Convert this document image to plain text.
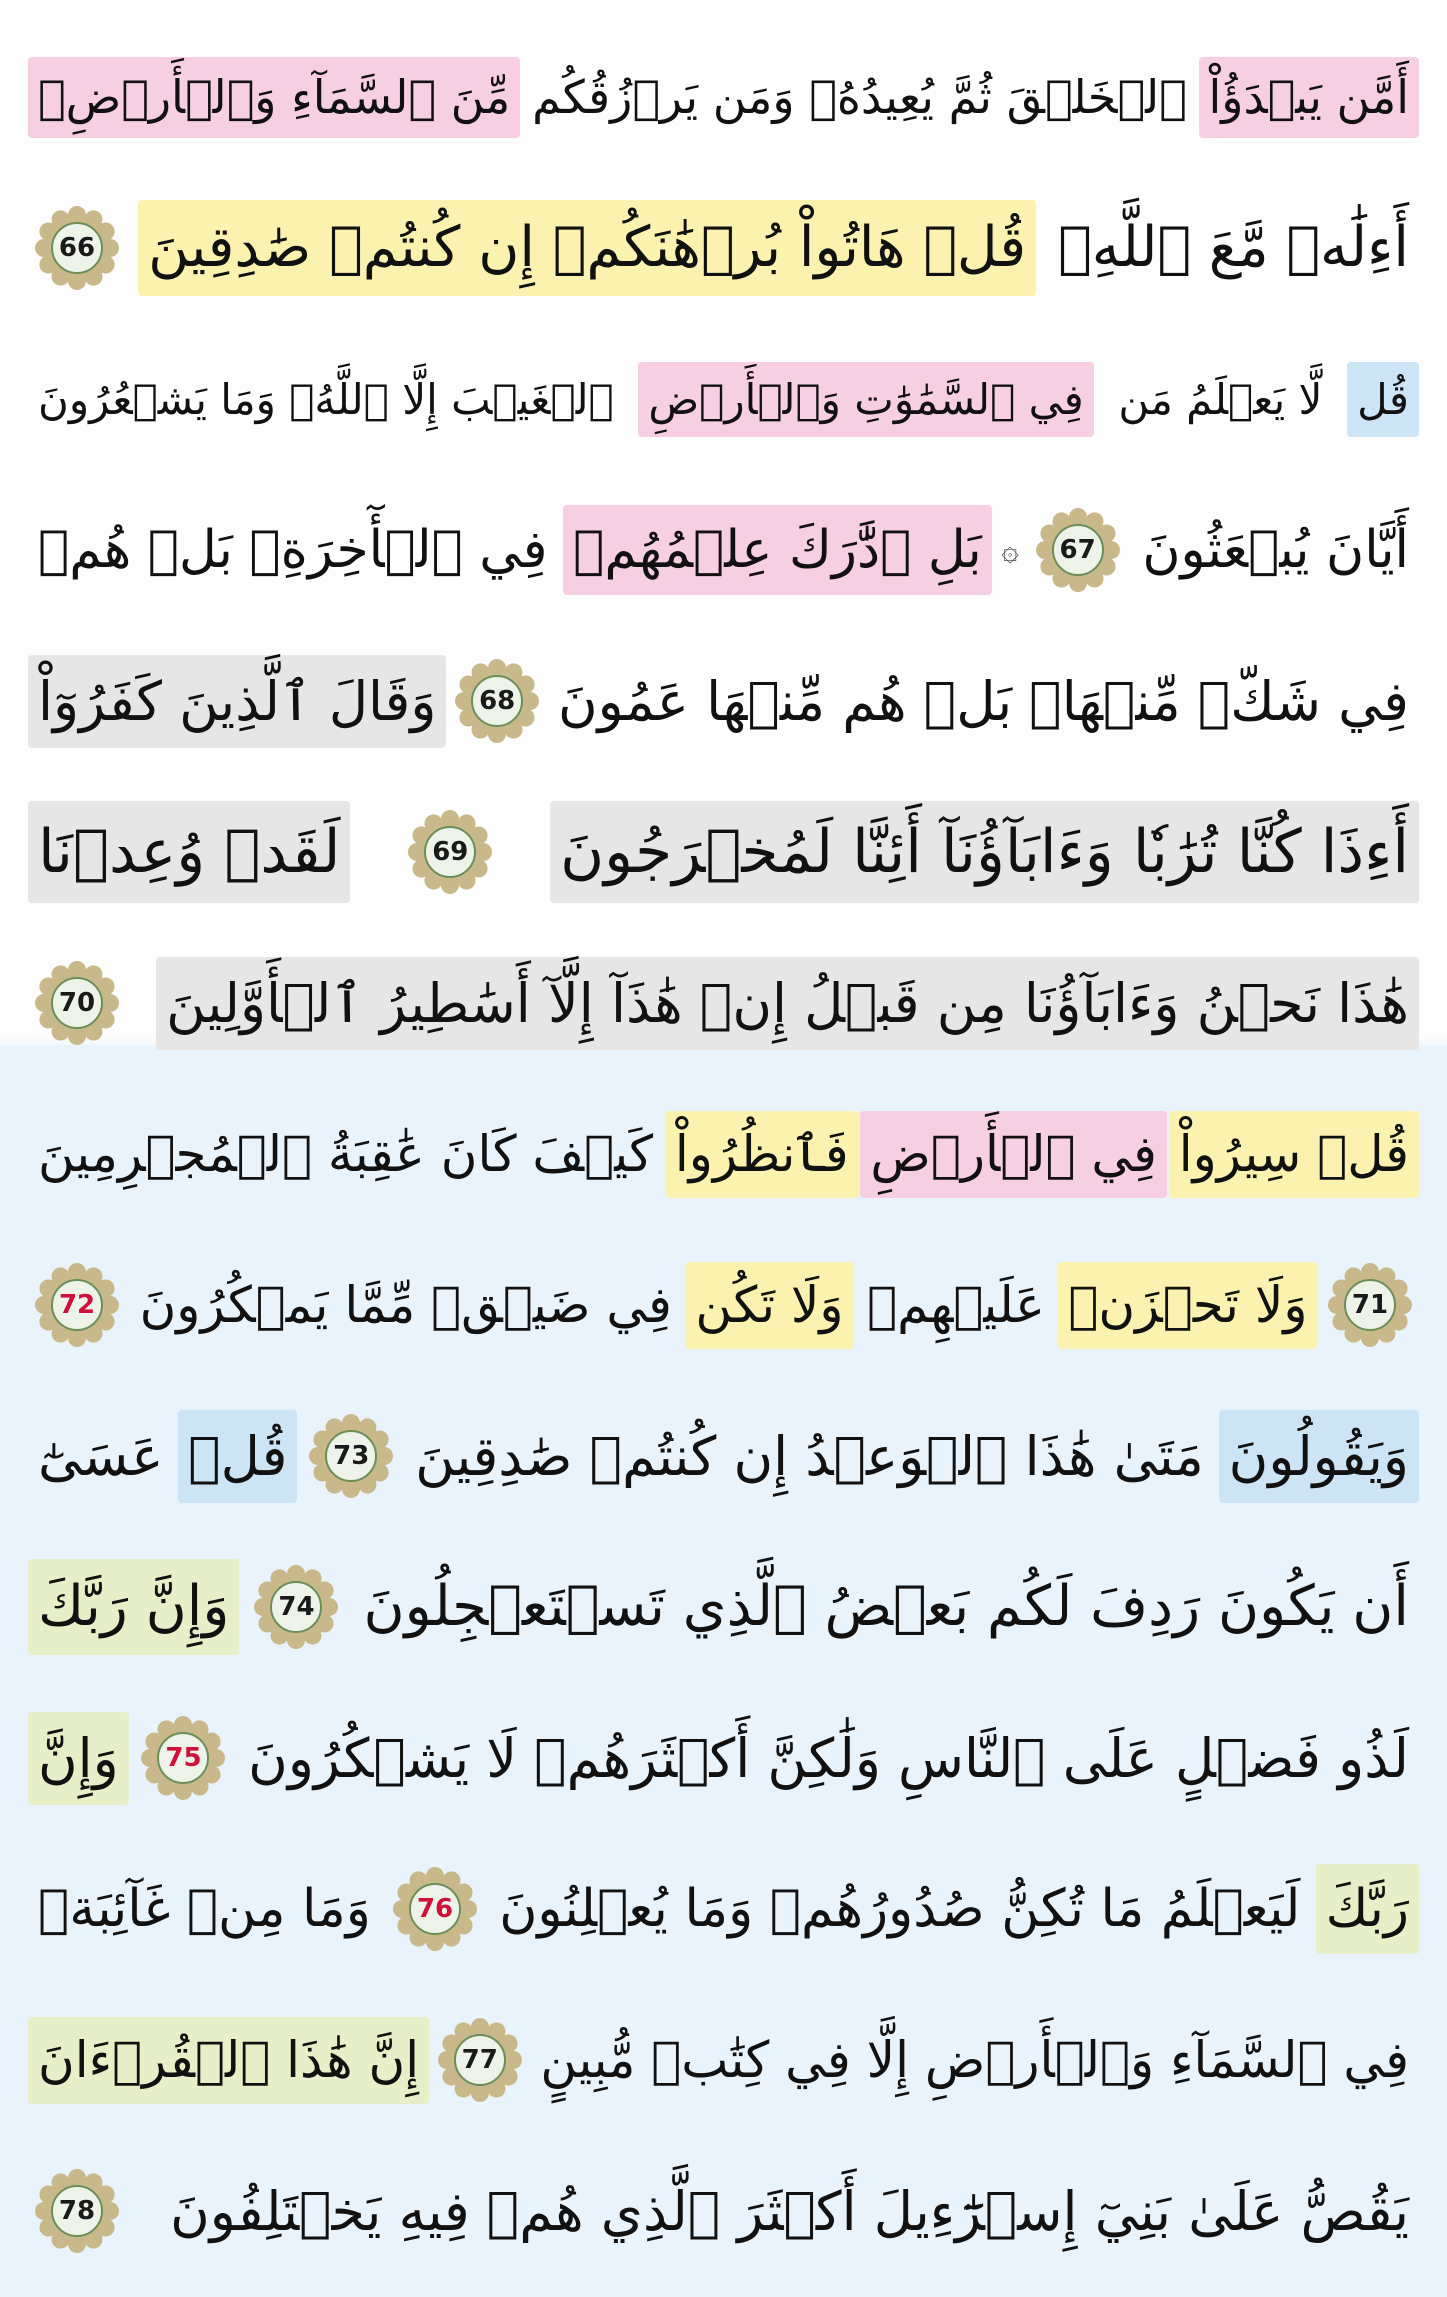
أَمَّن يَبۡدَؤُاْ
ٱلۡخَلۡقَ ثُمَّ يُعِيدُهُۥ وَمَن يَرۡزُقُكُم
مِّنَ ٱلسَّمَآءِ وَٱلۡأَرۡضِۗ
أَءِلَٰهٞ مَّعَ ٱللَّهِۚ
قُلۡ هَاتُواْ بُرۡهَٰنَكُمۡ إِن كُنتُمۡ صَٰدِقِينَ
66
قُل
لَّا يَعۡلَمُ مَن
فِي ٱلسَّمَٰوَٰتِ وَٱلۡأَرۡضِ
ٱلۡغَيۡبَ إِلَّا ٱللَّهُۚ وَمَا يَشۡعُرُونَ
أَيَّانَ يُبۡعَثُونَ
67
۞
بَلِ ٱدَّٰرَكَ عِلۡمُهُمۡ
فِي ٱلۡأٓخِرَةِۚ بَلۡ هُمۡ
فِي شَكّٖ مِّنۡهَاۖ بَلۡ هُم مِّنۡهَا عَمُونَ
68
وَقَالَ ٱلَّذِينَ كَفَرُوٓاْ
أَءِذَا كُنَّا تُرَٰبٗا وَءَابَآؤُنَآ أَئِنَّا لَمُخۡرَجُونَ
69
لَقَدۡ وُعِدۡنَا
هَٰذَا نَحۡنُ وَءَابَآؤُنَا مِن قَبۡلُ إِنۡ هَٰذَآ إِلَّآ أَسَٰطِيرُ ٱلۡأَوَّلِينَ
70
قُلۡ سِيرُواْ
فِي ٱلۡأَرۡضِ
فَٱنظُرُواْ
كَيۡفَ كَانَ عَٰقِبَةُ ٱلۡمُجۡرِمِينَ
71
وَلَا تَحۡزَنۡ
عَلَيۡهِمۡ
وَلَا تَكُن
فِي ضَيۡقٖ مِّمَّا يَمۡكُرُونَ
72
وَيَقُولُونَ
مَتَىٰ هَٰذَا ٱلۡوَعۡدُ إِن كُنتُمۡ صَٰدِقِينَ
73
قُلۡ
عَسَىٰٓ
أَن يَكُونَ رَدِفَ لَكُم بَعۡضُ ٱلَّذِي تَسۡتَعۡجِلُونَ
74
وَإِنَّ رَبَّكَ
لَذُو فَضۡلٍ عَلَى ٱلنَّاسِ وَلَٰكِنَّ أَكۡثَرَهُمۡ لَا يَشۡكُرُونَ
75
وَإِنَّ
رَبَّكَ
لَيَعۡلَمُ مَا تُكِنُّ صُدُورُهُمۡ وَمَا يُعۡلِنُونَ
76
وَمَا مِنۡ غَآئِبَةٖ
فِي ٱلسَّمَآءِ وَٱلۡأَرۡضِ إِلَّا فِي كِتَٰبٖ مُّبِينٍ
77
إِنَّ هَٰذَا ٱلۡقُرۡءَانَ
يَقُصُّ عَلَىٰ بَنِيٓ إِسۡرَٰٓءِيلَ أَكۡثَرَ ٱلَّذِي هُمۡ فِيهِ يَخۡتَلِفُونَ
78
